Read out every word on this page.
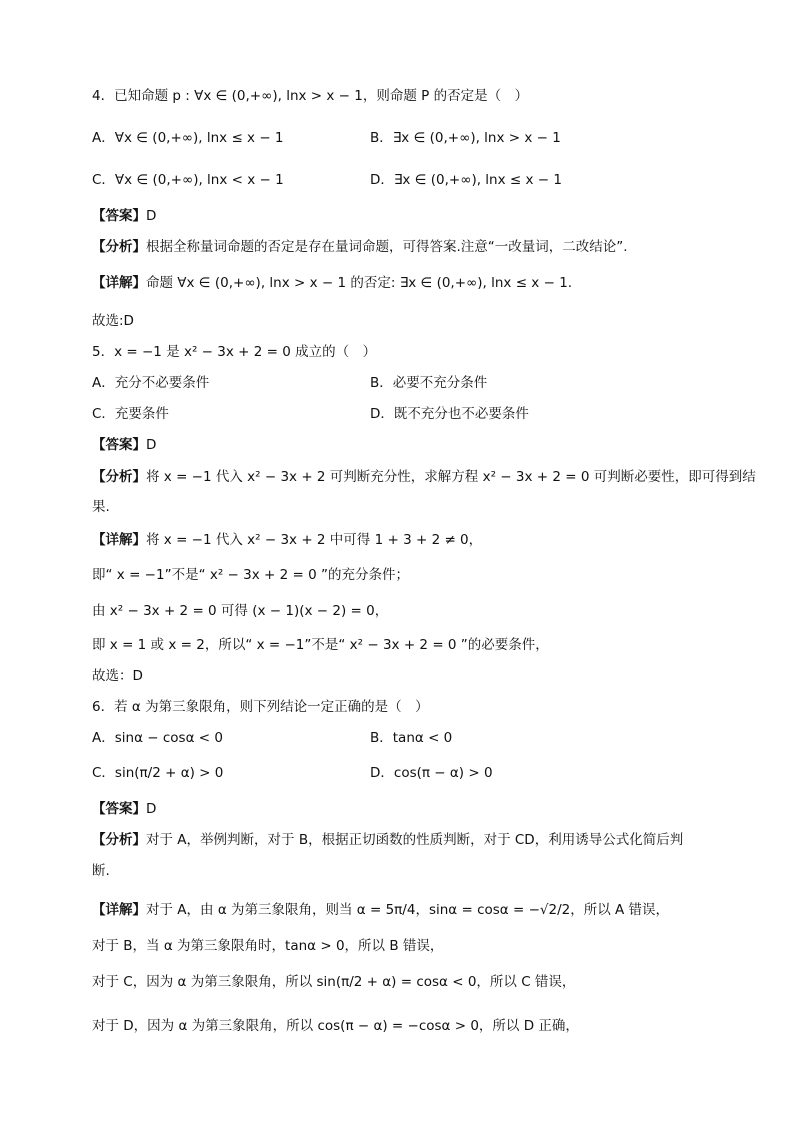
4．已知命题 p : ∀x ∈ (0,+∞), lnx > x − 1，则命题 P 的否定是（　）
A．∀x ∈ (0,+∞), lnx ≤ x − 1	B．∃x ∈ (0,+∞), lnx > x − 1
C．∀x ∈ (0,+∞), lnx < x − 1	D．∃x ∈ (0,+∞), lnx ≤ x − 1
【答案】D
【分析】根据全称量词命题的否定是存在量词命题，可得答案.注意“一改量词，二改结论”.
【详解】命题 ∀x ∈ (0,+∞), lnx > x − 1 的否定: ∃x ∈ (0,+∞), lnx ≤ x − 1.
故选:D
5．x = −1 是 x² − 3x + 2 = 0 成立的（　）
A．充分不必要条件	B．必要不充分条件
C．充要条件	D．既不充分也不必要条件
【答案】D
【分析】将 x = −1 代入 x² − 3x + 2 可判断充分性，求解方程 x² − 3x + 2 = 0 可判断必要性，即可得到结
果.
【详解】将 x = −1 代入 x² − 3x + 2 中可得 1 + 3 + 2 ≠ 0，
即“ x = −1”不是“ x² − 3x + 2 = 0 ”的充分条件；
由 x² − 3x + 2 = 0 可得 (x − 1)(x − 2) = 0，
即 x = 1 或 x = 2，所以“ x = −1”不是“ x² − 3x + 2 = 0 ”的必要条件，
故选：D
6．若 α 为第三象限角，则下列结论一定正确的是（　）
A．sinα − cosα < 0	B．tanα < 0
C．sin(π/2 + α) > 0	D．cos(π − α) > 0
【答案】D
【分析】对于 A，举例判断，对于 B，根据正切函数的性质判断，对于 CD，利用诱导公式化简后判
断.
【详解】对于 A，由 α 为第三象限角，则当 α = 5π/4，sinα = cosα = −√2/2，所以 A 错误，
对于 B，当 α 为第三象限角时，tanα > 0，所以 B 错误，
对于 C，因为 α 为第三象限角，所以 sin(π/2 + α) = cosα < 0，所以 C 错误，
对于 D，因为 α 为第三象限角，所以 cos(π − α) = −cosα > 0，所以 D 正确，
